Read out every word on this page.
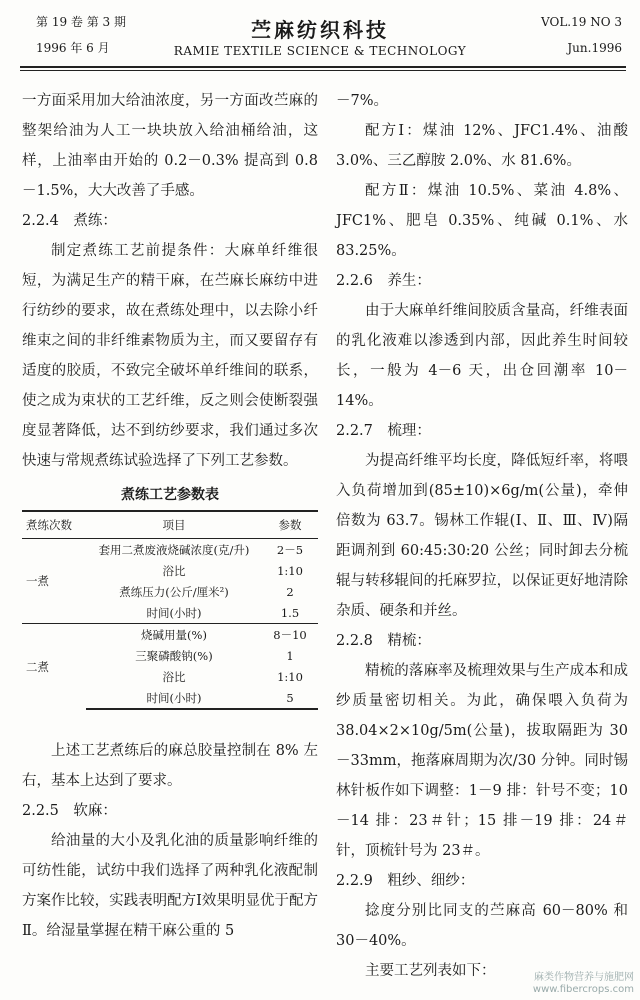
第 19 卷 第 3 期
1996 年 6 月
苎麻纺织科技
RAMIE TEXTILE SCIENCE & TECHNOLOGY
VOL.19 NO 3
Jun.1996

一方面采用加大给油浓度，另一方面改苎麻的整架给油为人工一块块放入给油桶给油，这样，上油率由开始的 0.2－0.3% 提高到 0.8－1.5%，大大改善了手感。

2.2.4　煮练：

制定煮练工艺前提条件：大麻单纤维很短，为满足生产的精干麻，在苎麻长麻纺中进行纺纱的要求，故在煮练处理中，以去除小纤维束之间的非纤维素物质为主，而又要留存有适度的胶质，不致完全破坏单纤维间的联系，使之成为束状的工艺纤维，反之则会使断裂强度显著降低，达不到纺纱要求，我们通过多次快速与常规煮练试验选择了下列工艺参数。

煮练工艺参数表
煮练次数	项目	参数
一煮	套用二煮废液烧碱浓度(克/升)	2－5
	浴比	1:10
	煮练压力(公斤/厘米²)	2
	时间(小时)	1.5
二煮	烧碱用量(%)	8－10
	三聚磷酸钠(%)	1
	浴比	1:10
	时间(小时)	5

上述工艺煮练后的麻总胶量控制在 8% 左右，基本上达到了要求。

2.2.5　软麻：

给油量的大小及乳化油的质量影响纤维的可纺性能，试纺中我们选择了两种乳化液配制方案作比较，实践表明配方Ⅰ效果明显优于配方Ⅱ。给湿量掌握在精干麻公重的 5

－7%。

配方Ⅰ：煤油 12%、JFC1.4%、油酸 3.0%、三乙醇胺 2.0%、水 81.6%。

配方Ⅱ：煤油 10.5%、菜油 4.8%、JFC1%、肥皂 0.35%、纯碱 0.1%、水 83.25%。

2.2.6　养生：

由于大麻单纤维间胶质含量高，纤维表面的乳化液难以渗透到内部，因此养生时间较长，一般为 4－6 天，出仓回潮率 10－14%。

2.2.7　梳理：

为提高纤维平均长度，降低短纤率，将喂入负荷增加到(85±10)×6g/m(公量)，牵伸倍数为 63.7。锡林工作辊(Ⅰ、Ⅱ、Ⅲ、Ⅳ)隔距调剂到 60:45:30:20 公丝；同时卸去分梳辊与转移辊间的托麻罗拉，以保证更好地清除杂质、硬条和并丝。

2.2.8　精梳：

精梳的落麻率及梳理效果与生产成本和成纱质量密切相关。为此，确保喂入负荷为 38.04×2×10g/5m(公量)，拔取隔距为 30－33mm，拖落麻周期为次/30 分钟。同时锡林针板作如下调整：1－9 排：针号不变；10－14 排：23＃针；15 排－19 排：24＃针，顶梳针号为 23＃。

2.2.9　粗纱、细纱：

捻度分别比同支的苎麻高 60－80% 和 30－40%。

主要工艺列表如下：	麻类作物营养与施肥网
www.fibercrops.com
